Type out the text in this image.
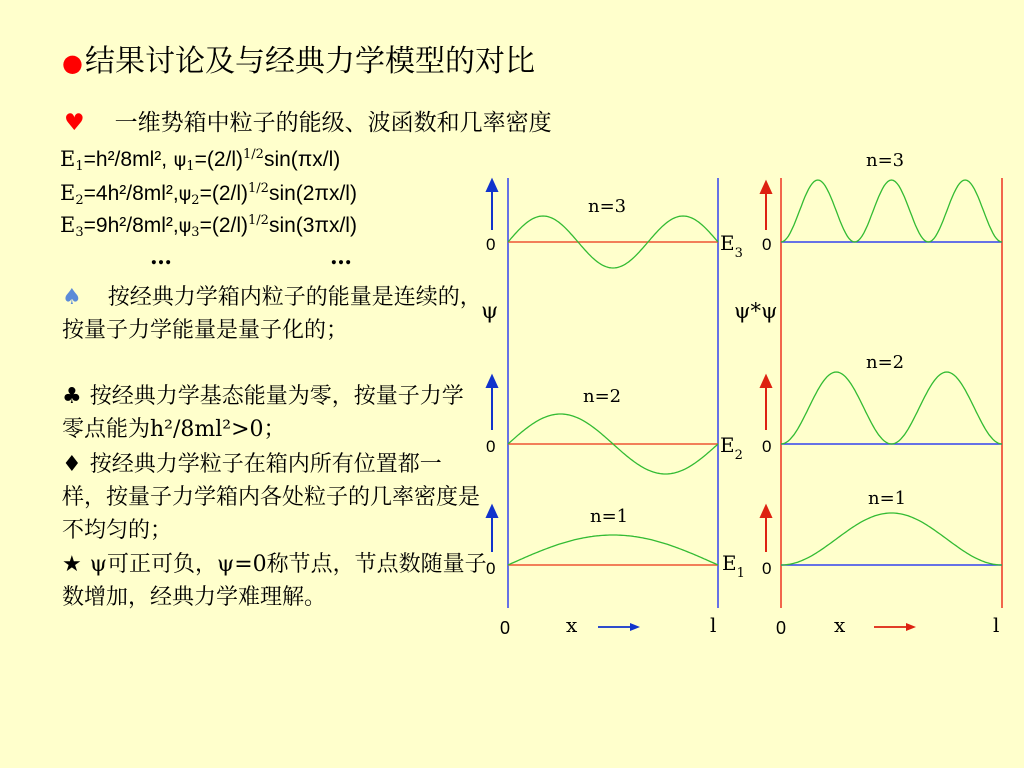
●结果讨论及与经典力学模型的对比
♥ 一维势箱中粒子的能级、波函数和几率密度
$E_1=h^2/8ml^2$, $\psi_1=(2/l)^{1/2}\sin(\pi x/l)$
$E_2=4h^2/8ml^2,\psi_2=(2/l)^{1/2}\sin(2\pi x/l)$
$E_3=9h^2/8ml^2,\psi_3=(2/l)^{1/2}\sin(3\pi x/l)$
…	…
♠ 按经典力学箱内粒子的能量是连续的，按量子力学能量是量子化的；
♣ 按经典力学基态能量为零，按量子力学零点能为h²/8ml²>0；
♦ 按经典力学粒子在箱内所有位置都一样，按量子力学箱内各处粒子的几率密度是不均匀的；
★ ψ可正可负，ψ=0称节点，节点数随量子数增加，经典力学难理解。
0
0
0
ψ
n=3
n=2
n=1
$E_3$
$E_2$
$E_1$
0	x	l
0
0
0
ψ*ψ
n=3
n=2
n=1
0 x	l
